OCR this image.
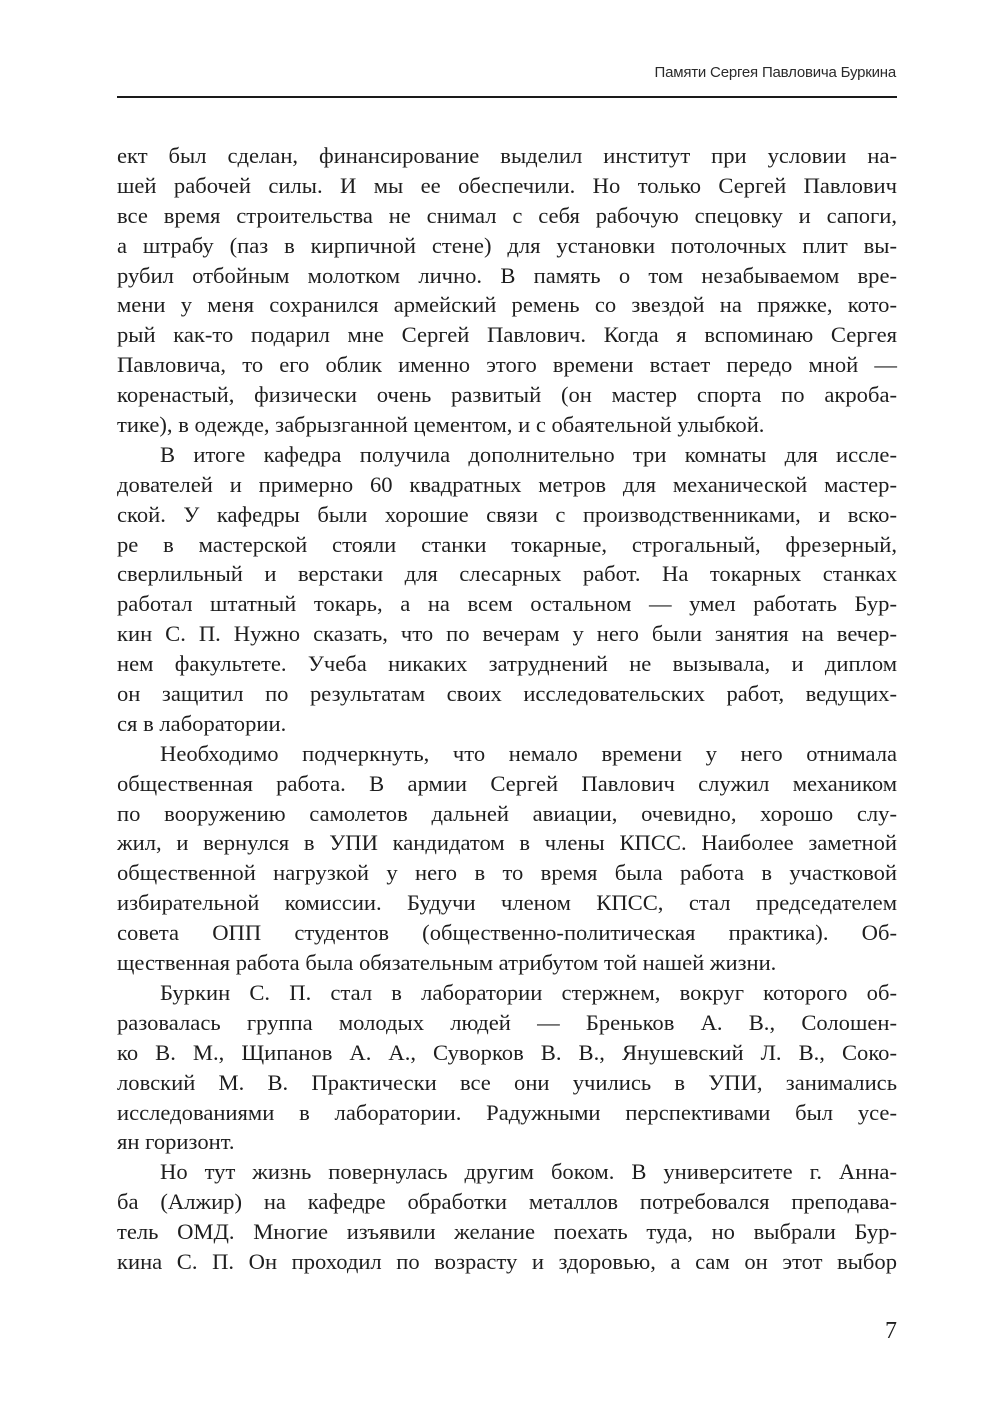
Памяти Сергея Павловича Буркина
ект был сделан, финансирование выделил институт при условии на-
шей рабочей силы. И мы ее обеспечили. Но только Сергей Павлович
все время строительства не снимал с себя рабочую спецовку и сапоги,
а штрабу (паз в кирпичной стене) для установки потолочных плит вы-
рубил отбойным молотком лично. В память о том незабываемом вре-
мени у меня сохранился армейский ремень со звездой на пряжке, кото-
рый как-то подарил мне Сергей Павлович. Когда я вспоминаю Сергея
Павловича, то его облик именно этого времени встает передо мной —
коренастый, физически очень развитый (он мастер спорта по акроба-
тике), в одежде, забрызганной цементом, и с обаятельной улыбкой.
В итоге кафедра получила дополнительно три комнаты для иссле-
дователей и примерно 60 квадратных метров для механической мастер-
ской. У кафедры были хорошие связи с производственниками, и вско-
ре в мастерской стояли станки токарные, строгальный, фрезерный,
сверлильный и верстаки для слесарных работ. На токарных станках
работал штатный токарь, а на всем остальном — умел работать Бур-
кин С. П. Нужно сказать, что по вечерам у него были занятия на вечер-
нем факультете. Учеба никаких затруднений не вызывала, и диплом
он защитил по результатам своих исследовательских работ, ведущих-
ся в лаборатории.
Необходимо подчеркнуть, что немало времени у него отнимала
общественная работа. В армии Сергей Павлович служил механиком
по вооружению самолетов дальней авиации, очевидно, хорошо слу-
жил, и вернулся в УПИ кандидатом в члены КПСС. Наиболее заметной
общественной нагрузкой у него в то время была работа в участковой
избирательной комиссии. Будучи членом КПСС, стал председателем
совета ОПП студентов (общественно-политическая практика). Об-
щественная работа была обязательным атрибутом той нашей жизни.
Буркин С. П. стал в лаборатории стержнем, вокруг которого об-
разовалась группа молодых людей — Бреньков А. В., Солошен-
ко В. М., Щипанов А. А., Суворков В. В., Янушевский Л. В., Соко-
ловский М. В. Практически все они учились в УПИ, занимались
исследованиями в лаборатории. Радужными перспективами был усе-
ян горизонт.
Но тут жизнь повернулась другим боком. В университете г. Анна-
ба (Алжир) на кафедре обработки металлов потребовался преподава-
тель ОМД. Многие изъявили желание поехать туда, но выбрали Бур-
кина С. П. Он проходил по возрасту и здоровью, а сам он этот выбор
7
